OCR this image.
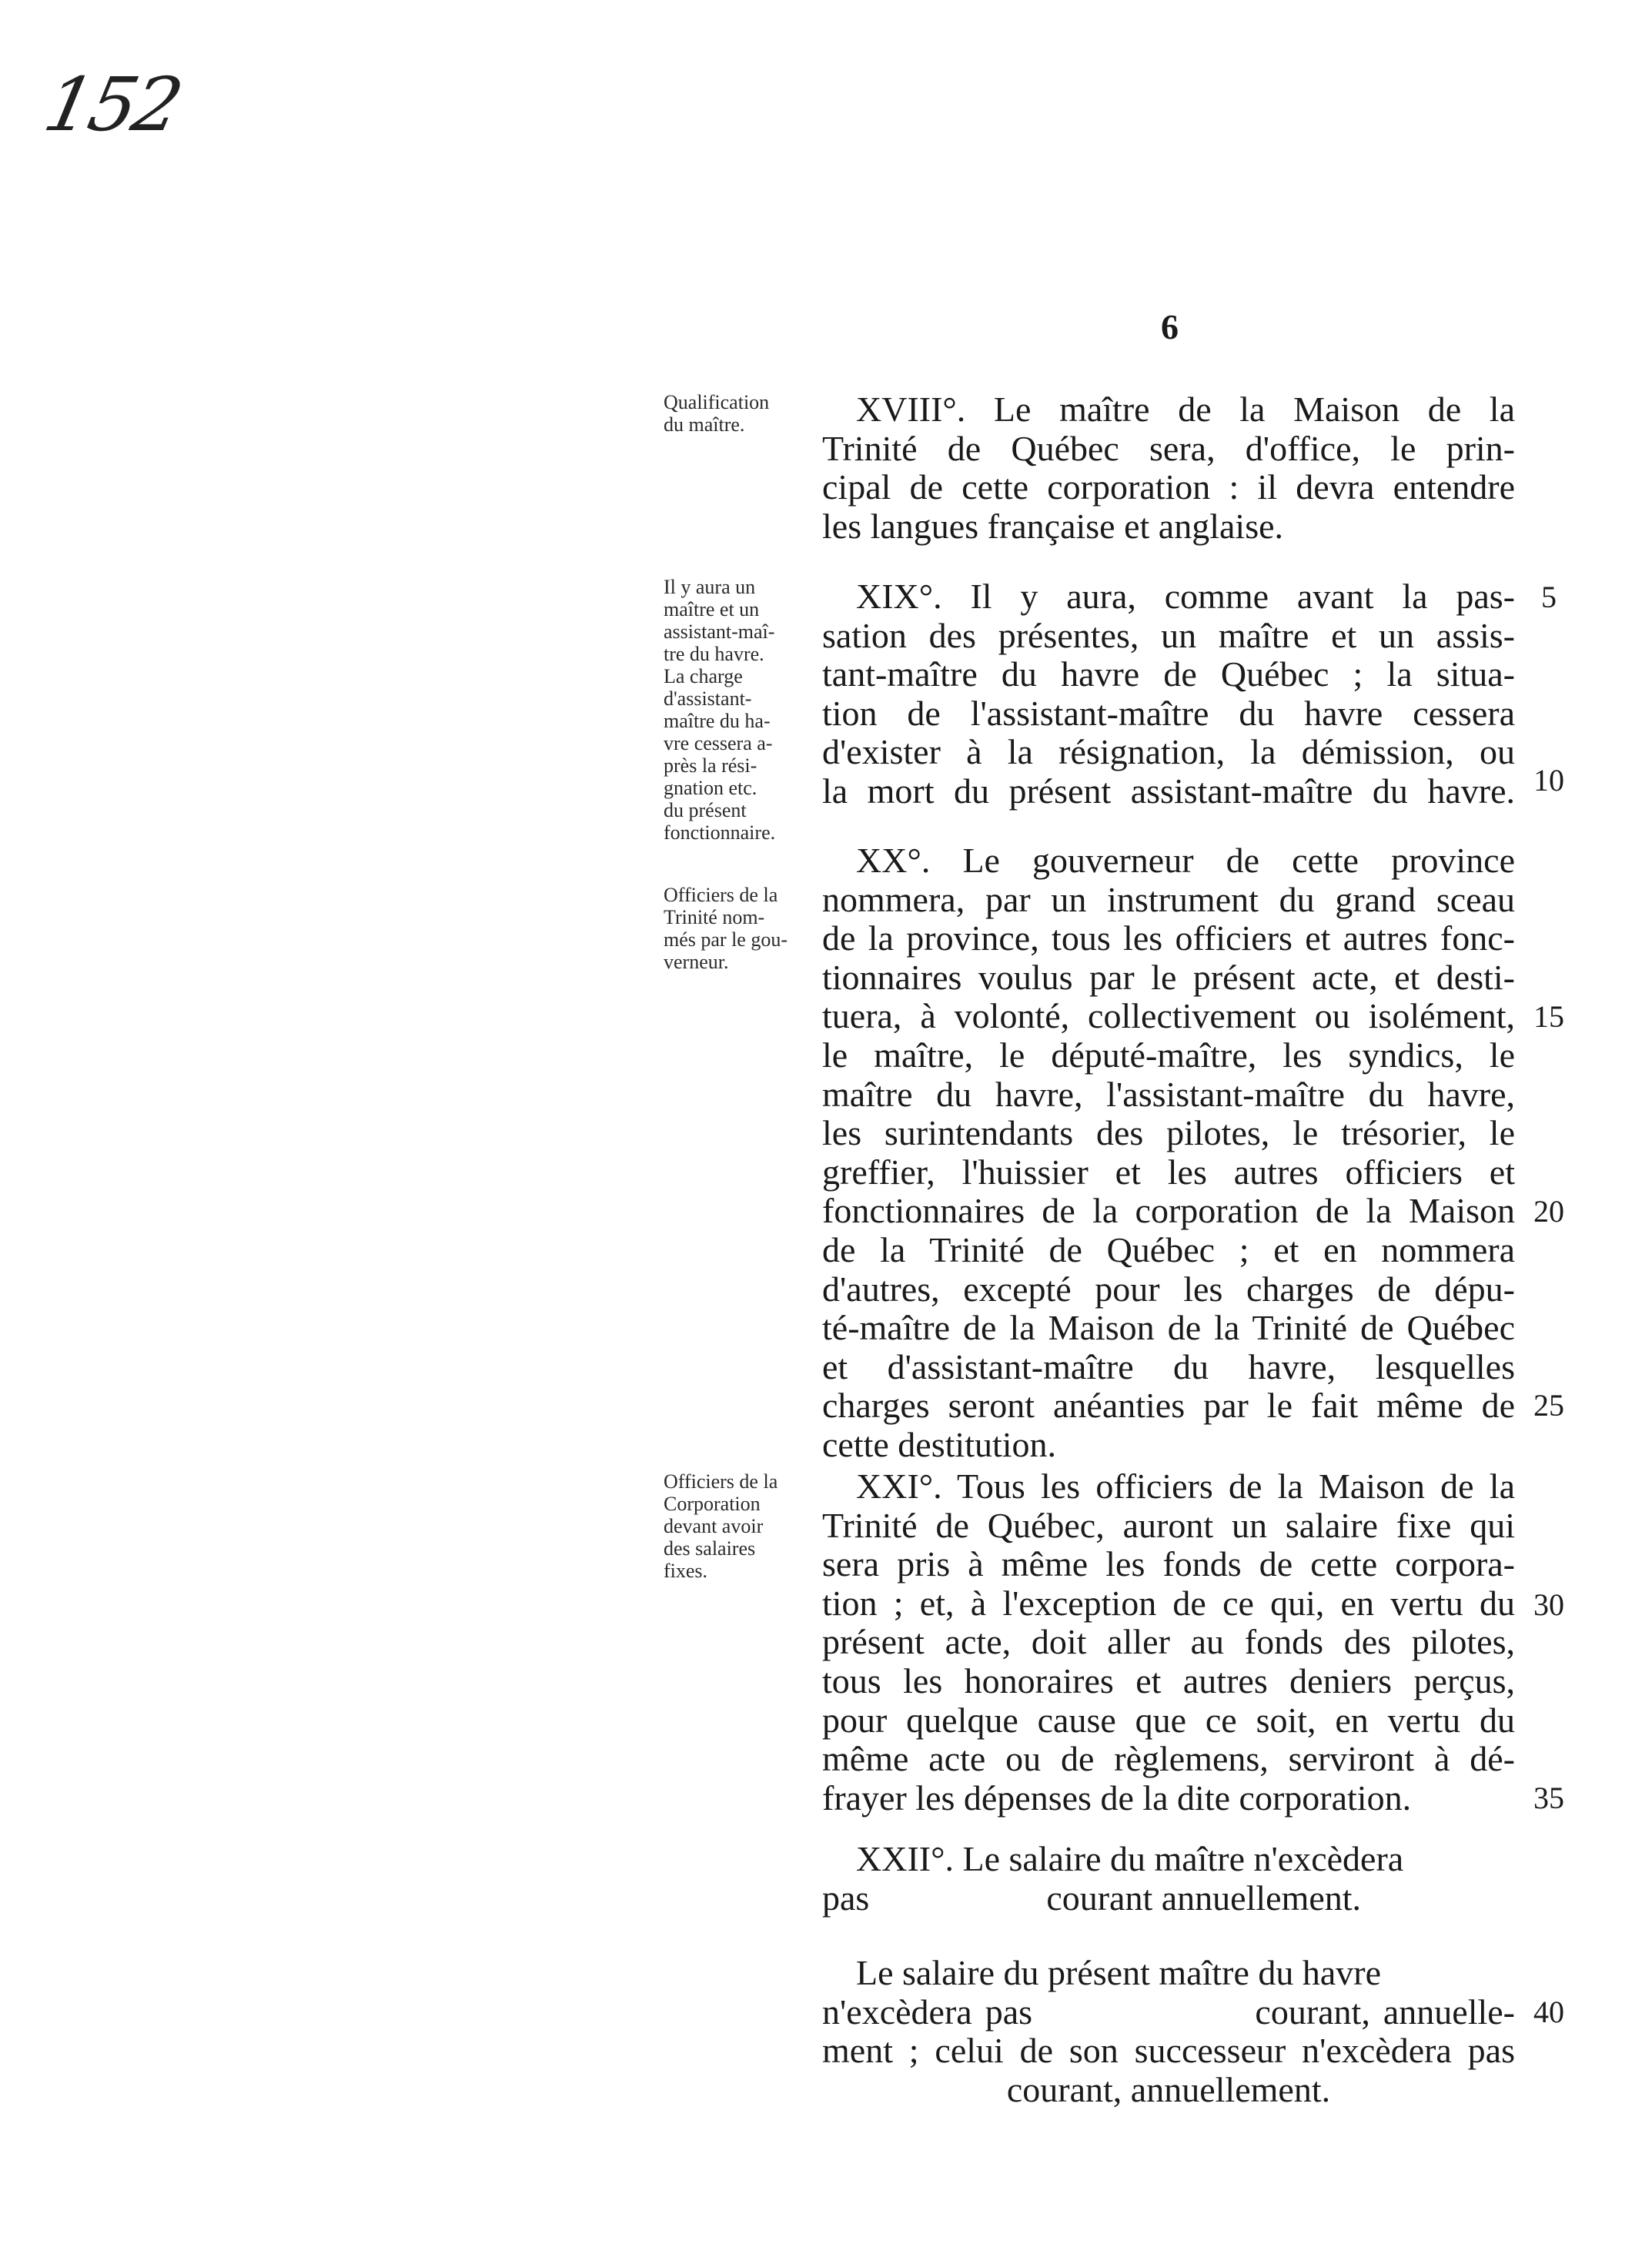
152
6
Qualification
du maître.
Il y aura un
maître et un
assistant-maî-
tre du havre.
La charge
d'assistant-
maître du ha-
vre cessera a-
près la rési-
gnation etc.
du présent
fonctionnaire.
Officiers de la
Trinité nom-
més par le gou-
verneur.
Officiers de la
Corporation
devant avoir
des salaires
fixes.
XVIII°. Le maître de la Maison de la
Trinité de Québec sera, d'office, le prin-
cipal de cette corporation : il devra entendre
les langues française et anglaise.
XIX°. Il y aura, comme avant la pas-
sation des présentes, un maître et un assis-
tant-maître du havre de Québec ; la situa-
tion de l'assistant-maître du havre cessera
d'exister à la résignation, la démission, ou
la mort du présent assistant-maître du havre.
XX°. Le gouverneur de cette province
nommera, par un instrument du grand sceau
de la province, tous les officiers et autres fonc-
tionnaires voulus par le présent acte, et desti-
tuera, à volonté, collectivement ou isolément,
le maître, le député-maître, les syndics, le
maître du havre, l'assistant-maître du havre,
les surintendants des pilotes, le trésorier, le
greffier, l'huissier et les autres officiers et
fonctionnaires de la corporation de la Maison
de la Trinité de Québec ; et en nommera
d'autres, excepté pour les charges de dépu-
té-maître de la Maison de la Trinité de Québec
et d'assistant-maître du havre, lesquelles
charges seront anéanties par le fait même de
cette destitution.
XXI°. Tous les officiers de la Maison de la
Trinité de Québec, auront un salaire fixe qui
sera pris à même les fonds de cette corpora-
tion ; et, à l'exception de ce qui, en vertu du
présent acte, doit aller au fonds des pilotes,
tous les honoraires et autres deniers perçus,
pour quelque cause que ce soit, en vertu du
même acte ou de règlemens, serviront à dé-
frayer les dépenses de la dite corporation.
XXII°. Le salaire du maître n'excèdera
pas                    courant annuellement.
Le salaire du présent maître du havre
n'excèdera pas                 courant, annuelle-
ment ; celui de son successeur n'excèdera pas
courant, annuellement.
5
10
15
20
25
30
35
40
